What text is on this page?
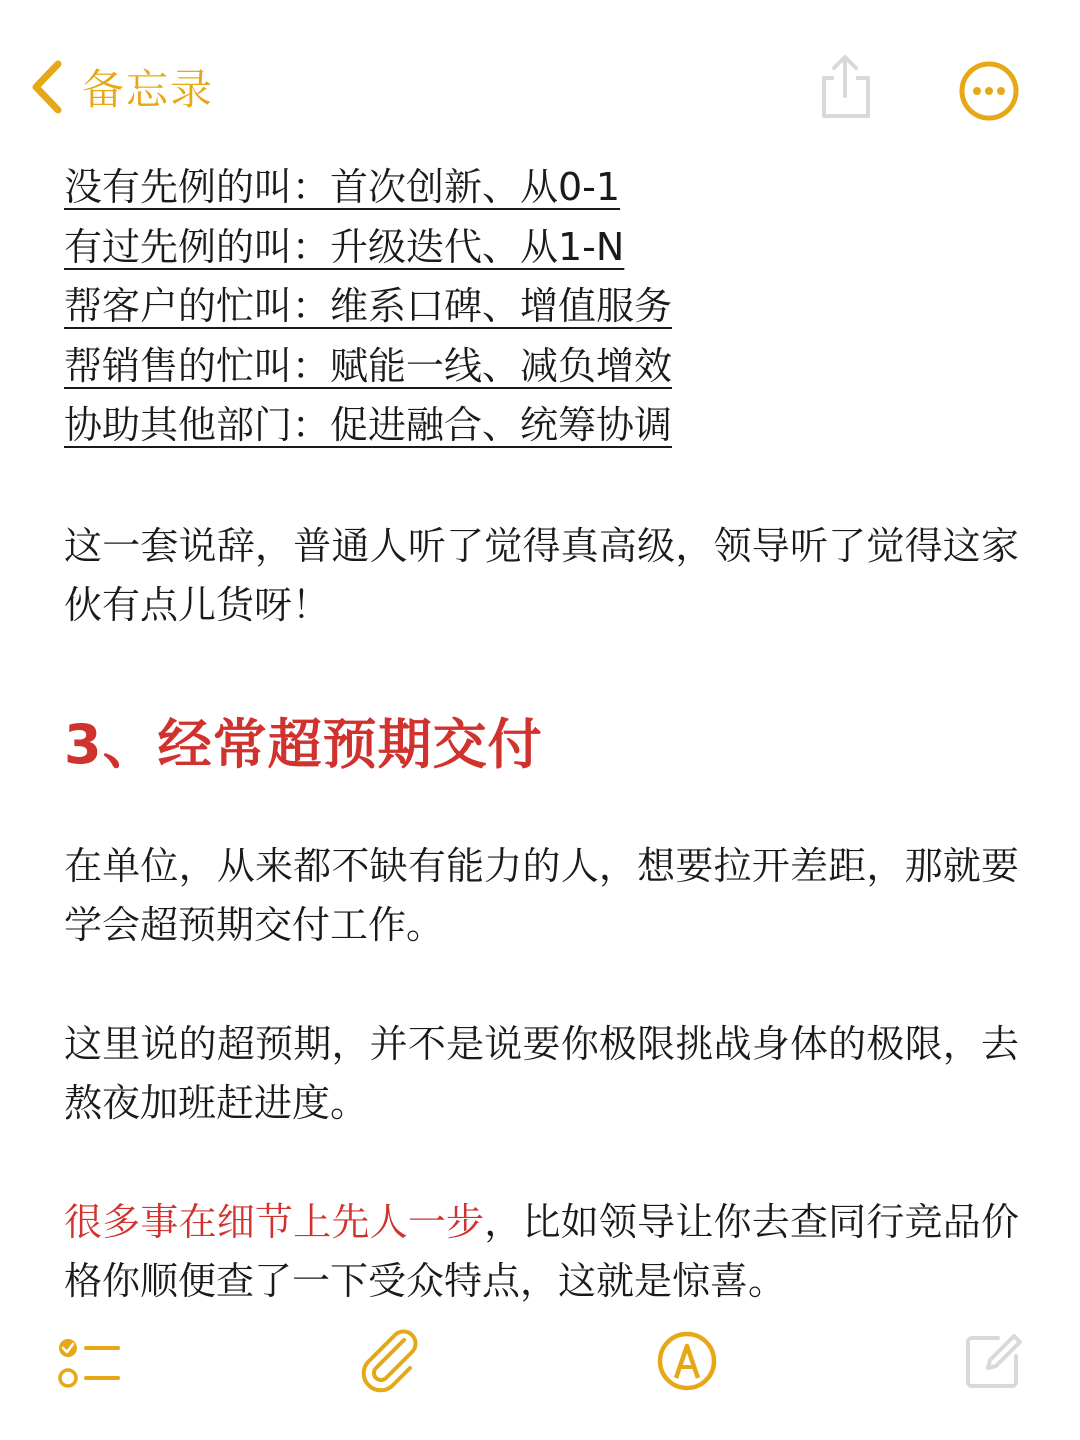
备忘录
没有先例的叫：首次创新、从0-1
有过先例的叫：升级迭代、从1-N
帮客户的忙叫：维系口碑、增值服务
帮销售的忙叫：赋能一线、减负增效
协助其他部门：促进融合、统筹协调

这一套说辞，普通人听了觉得真高级，领导听了觉得这家伙有点儿货呀！

3、经常超预期交付

在单位，从来都不缺有能力的人，想要拉开差距，那就要学会超预期交付工作。

这里说的超预期，并不是说要你极限挑战身体的极限，去熬夜加班赶进度。

很多事在细节上先人一步，比如领导让你去查同行竞品价格你顺便查了一下受众特点，这就是惊喜。
